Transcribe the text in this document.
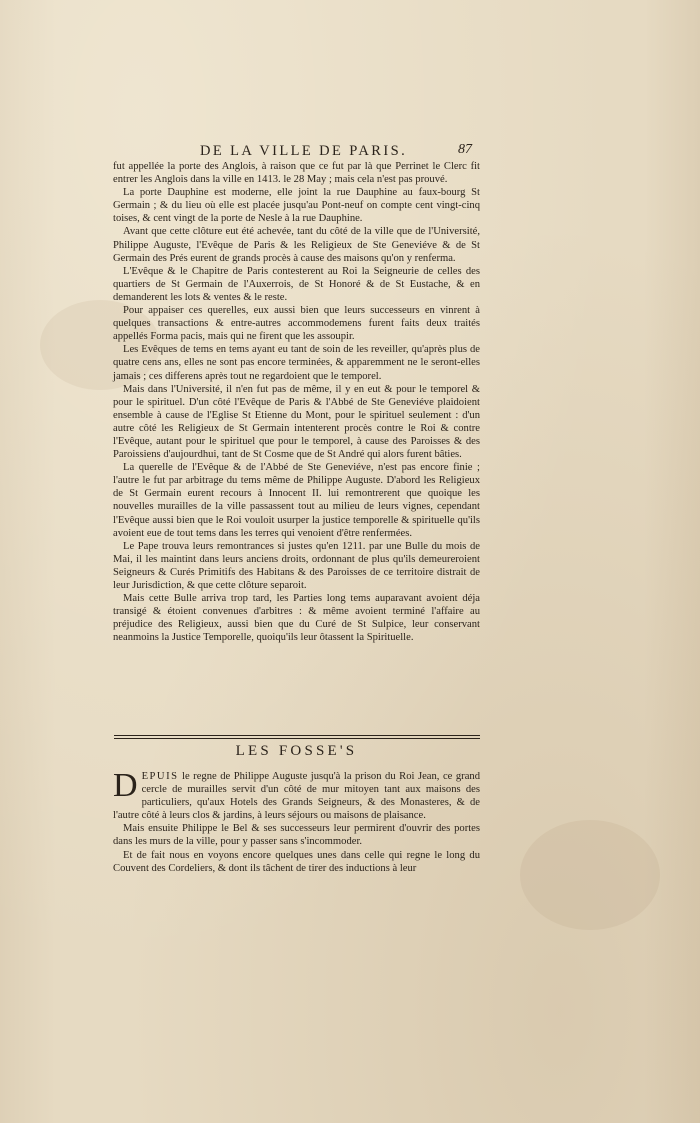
DE LA VILLE DE PARIS.	87

fut appellée la porte des Anglois, à raison que ce fut par là que Perrinet le Clerc fit entrer les Anglois dans la ville en 1413. le 28 May ; mais cela n'est pas prouvé.

La porte Dauphine est moderne, elle joint la rue Dauphine au faux-bourg St Germain ; & du lieu où elle est placée jusqu'au Pont-neuf on compte cent vingt-cinq toises, & cent vingt de la porte de Nesle à la rue Dauphine.

Avant que cette clôture eut été achevée, tant du côté de la ville que de l'Université, Philippe Auguste, l'Evêque de Paris & les Religieux de Ste Geneviéve & de St Germain des Prés eurent de grands procès à cause des maisons qu'on y renferma.

L'Evêque & le Chapitre de Paris contesterent au Roi la Seigneurie de celles des quartiers de St Germain de l'Auxerrois, de St Honoré & de St Eustache, & en demanderent les lots & ventes & le reste.

Pour appaiser ces querelles, eux aussi bien que leurs successeurs en vinrent à quelques transactions & entre-autres accommodemens furent faits deux traités appellés Forma pacis, mais qui ne firent que les assoupir.

Les Evêques de tems en tems ayant eu tant de soin de les reveiller, qu'après plus de quatre cens ans, elles ne sont pas encore terminées, & apparemment ne le seront-elles jamais ; ces differens après tout ne regardoient que le temporel.

Mais dans l'Université, il n'en fut pas de même, il y en eut & pour le temporel & pour le spirituel. D'un côté l'Evêque de Paris & l'Abbé de Ste Geneviéve plaidoient ensemble à cause de l'Eglise St Etienne du Mont, pour le spirituel seulement : d'un autre côté les Religieux de St Germain intenterent procès contre le Roi & contre l'Evêque, autant pour le spirituel que pour le temporel, à cause des Paroisses & des Paroissiens d'aujourdhui, tant de St Cosme que de St André qui alors furent bâties.

La querelle de l'Evêque & de l'Abbé de Ste Geneviéve, n'est pas encore finie ; l'autre le fut par arbitrage du tems même de Philippe Auguste. D'abord les Religieux de St Germain eurent recours à Innocent II. lui remontrerent que quoique les nouvelles murailles de la ville passassent tout au milieu de leurs vignes, cependant l'Evêque aussi bien que le Roi vouloit usurper la justice temporelle & spirituelle qu'ils avoient eue de tout tems dans les terres qui venoient d'être renfermées.

Le Pape trouva leurs remontrances si justes qu'en 1211. par une Bulle du mois de Mai, il les maintint dans leurs anciens droits, ordonnant de plus qu'ils demeureroient Seigneurs & Curés Primitifs des Habitans & des Paroisses de ce territoire distrait de leur Jurisdiction, & que cette clôture separoit.

Mais cette Bulle arriva trop tard, les Parties long tems auparavant avoient déja transigé & étoient convenues d'arbitres : & même avoient terminé l'affaire au préjudice des Religieux, aussi bien que du Curé de St Sulpice, leur conservant neanmoins la Justice Temporelle, quoiqu'ils leur ôtassent la Spirituelle.

LES FOSSE'S

DEPUIS le regne de Philippe Auguste jusqu'à la prison du Roi Jean, ce grand cercle de murailles servit d'un côté de mur mitoyen tant aux maisons des particuliers, qu'aux Hotels des Grands Seigneurs, & des Monasteres, & de l'autre côté à leurs clos & jardins, à leurs séjours ou maisons de plaisance.

Mais ensuite Philippe le Bel & ses successeurs leur permirent d'ouvrir des portes dans les murs de la ville, pour y passer sans s'incommoder.

Et de fait nous en voyons encore quelques unes dans celle qui regne le long du Couvent des Cordeliers, & dont ils tâchent de tirer des inductions à leur
